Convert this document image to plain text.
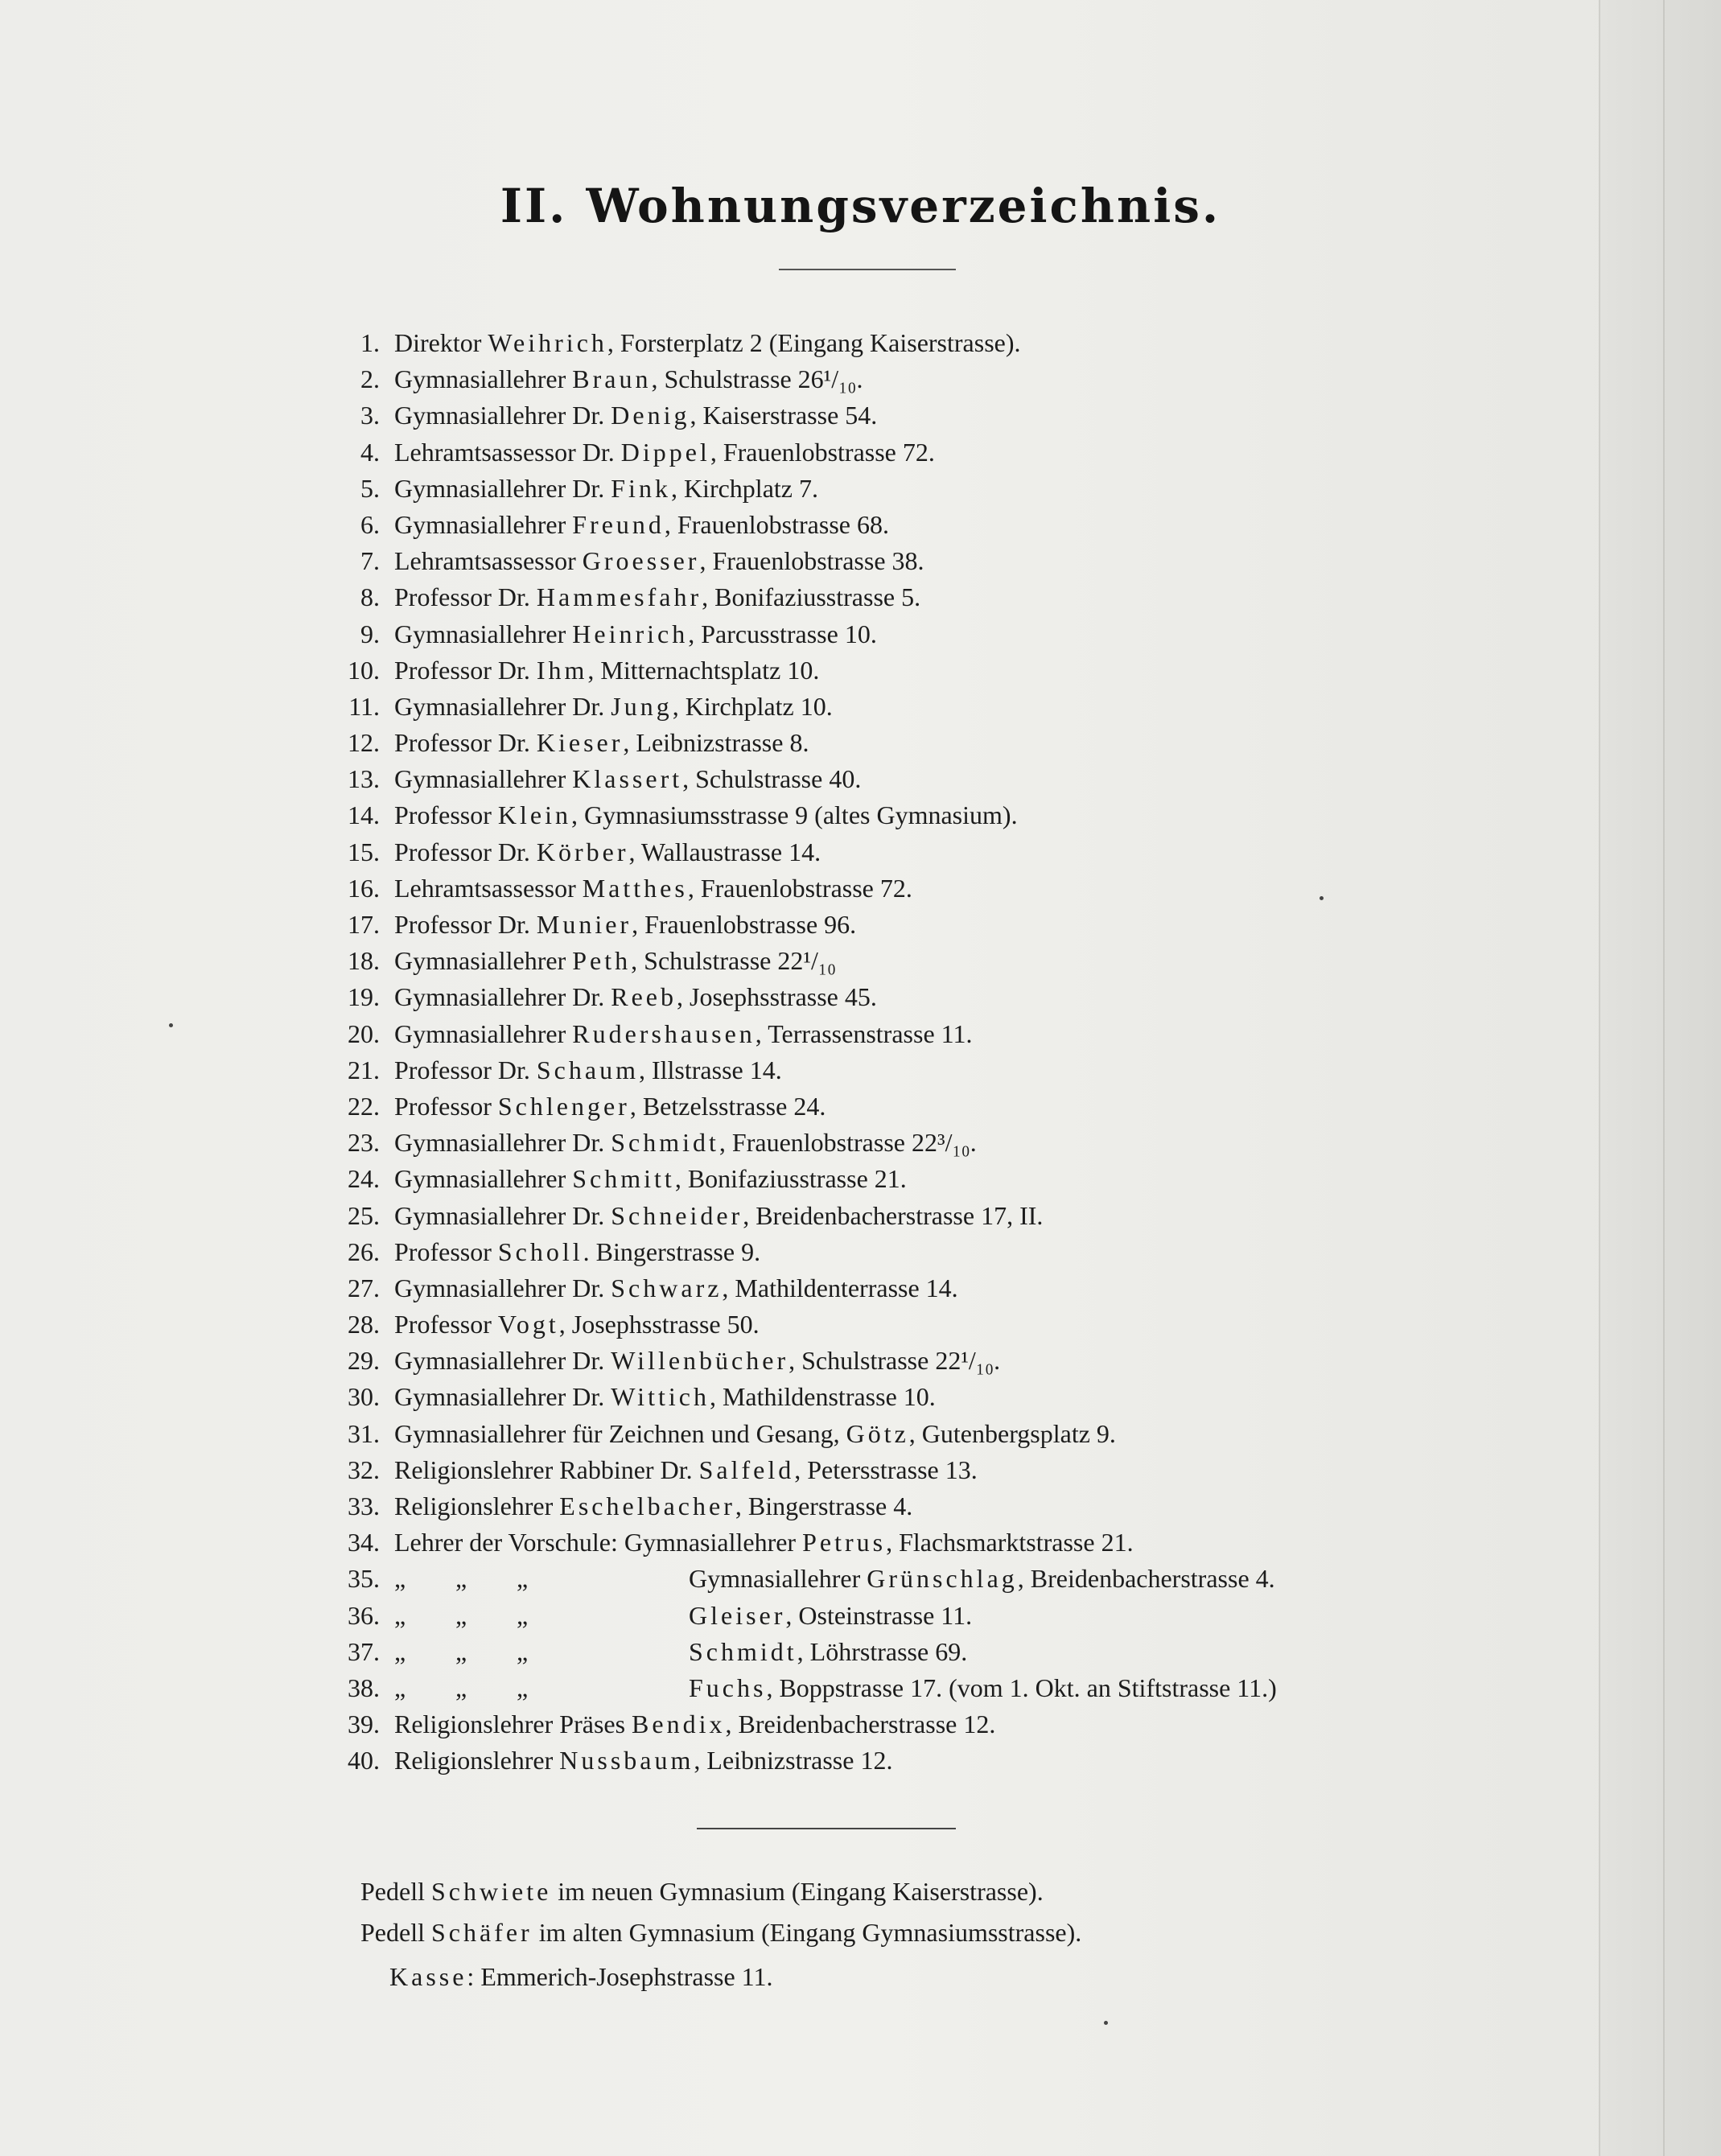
II. Wohnungsverzeichnis.
1. Direktor Weihrich, Forsterplatz 2 (Eingang Kaiserstrasse).
2. Gymnasiallehrer Braun, Schulstrasse 26¹/₁₀.
3. Gymnasiallehrer Dr. Denig, Kaiserstrasse 54.
4. Lehramtsassessor Dr. Dippel, Frauenlobstrasse 72.
5. Gymnasiallehrer Dr. Fink, Kirchplatz 7.
6. Gymnasiallehrer Freund, Frauenlobstrasse 68.
7. Lehramtsassessor Groesser, Frauenlobstrasse 38.
8. Professor Dr. Hammesfahr, Bonifaziusstrasse 5.
9. Gymnasiallehrer Heinrich, Parcusstrasse 10.
10. Professor Dr. Ihm, Mitternachtsplatz 10.
11. Gymnasiallehrer Dr. Jung, Kirchplatz 10.
12. Professor Dr. Kieser, Leibnizstrasse 8.
13. Gymnasiallehrer Klassert, Schulstrasse 40.
14. Professor Klein, Gymnasiumsstrasse 9 (altes Gymnasium).
15. Professor Dr. Körber, Wallaustrasse 14.
16. Lehramtsassessor Matthes, Frauenlobstrasse 72.
17. Professor Dr. Munier, Frauenlobstrasse 96.
18. Gymnasiallehrer Peth, Schulstrasse 22¹/₁₀
19. Gymnasiallehrer Dr. Reeb, Josephsstrasse 45.
20. Gymnasiallehrer Rudershausen, Terrassenstrasse 11.
21. Professor Dr. Schaum, Illstrasse 14.
22. Professor Schlenger, Betzelsstrasse 24.
23. Gymnasiallehrer Dr. Schmidt, Frauenlobstrasse 22³/₁₀.
24. Gymnasiallehrer Schmitt, Bonifaziusstrasse 21.
25. Gymnasiallehrer Dr. Schneider, Breidenbacherstrasse 17, II.
26. Professor Scholl. Bingerstrasse 9.
27. Gymnasiallehrer Dr. Schwarz, Mathildenterrasse 14.
28. Professor Vogt, Josephsstrasse 50.
29. Gymnasiallehrer Dr. Willenbücher, Schulstrasse 22¹/₁₀.
30. Gymnasiallehrer Dr. Wittich, Mathildenstrasse 10.
31. Gymnasiallehrer für Zeichnen und Gesang, Götz, Gutenbergsplatz 9.
32. Religionslehrer Rabbiner Dr. Salfeld, Petersstrasse 13.
33. Religionslehrer Eschelbacher, Bingerstrasse 4.
34. Lehrer der Vorschule: Gymnasiallehrer Petrus, Flachsmarktstrasse 21.
35. „ „ „	Gymnasiallehrer Grünschlag, Breidenbacherstrasse 4.
36. „ „ „	Gleiser, Osteinstrasse 11.
37. „ „ „	Schmidt, Löhrstrasse 69.
38. „ „ „	Fuchs, Boppstrasse 17. (vom 1. Okt. an Stiftstrasse 11.)
39. Religionslehrer Präses Bendix, Breidenbacherstrasse 12.
40. Religionslehrer Nussbaum, Leibnizstrasse 12.
Pedell Schwiete im neuen Gymnasium (Eingang Kaiserstrasse).
Pedell Schäfer im alten Gymnasium (Eingang Gymnasiumsstrasse).
Kasse: Emmerich-Josephstrasse 11.
